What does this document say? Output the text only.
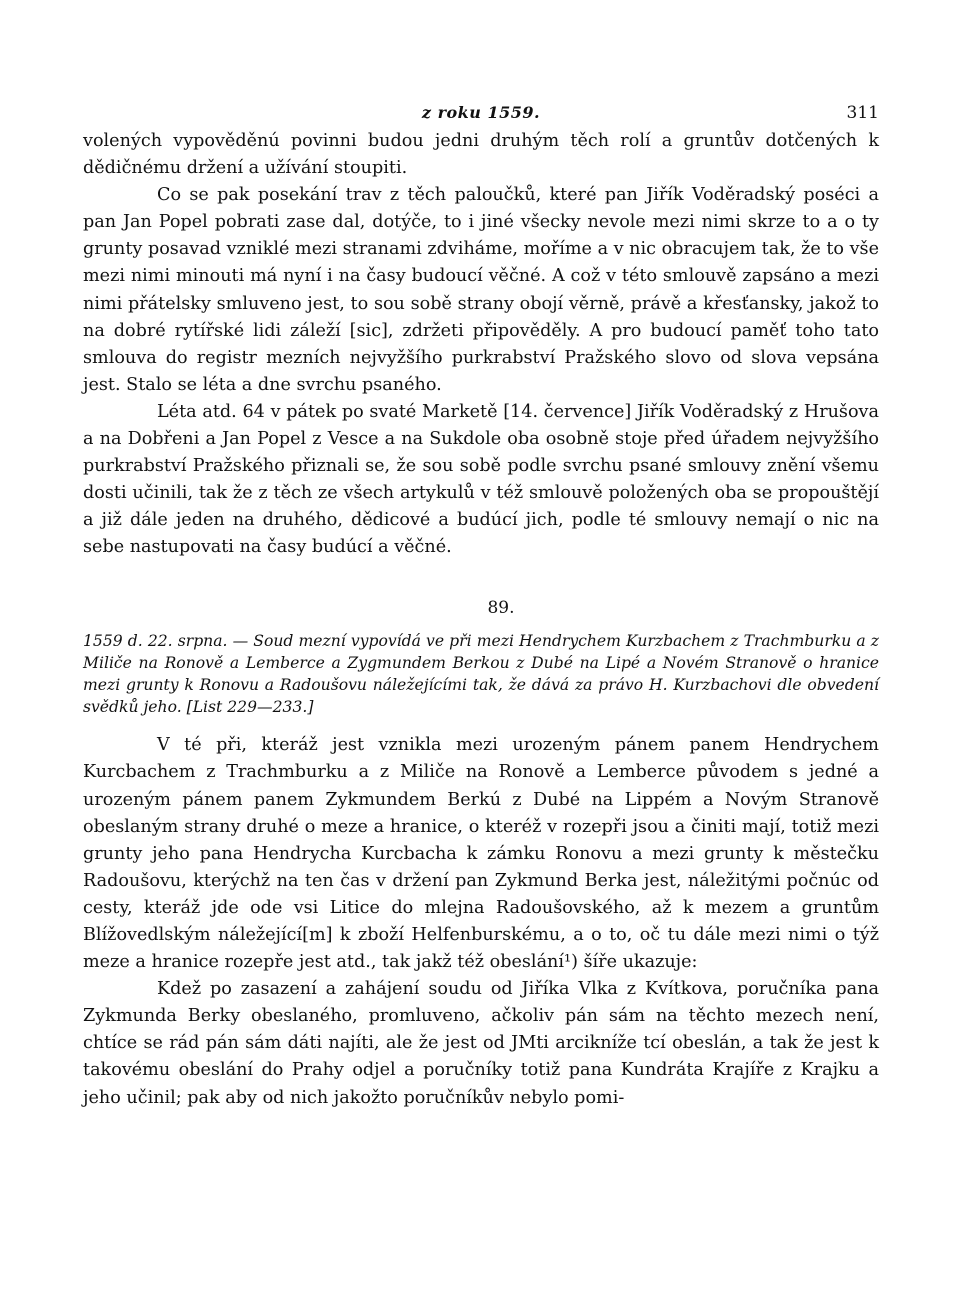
z roku 1559.	311

volených vypověděnú povinni budou jedni druhým těch rolí a gruntův dotčených k dědičnému držení a užívání stoupiti.

Co se pak posekání trav z těch paloučků, které pan Jiřík Voděradský poséci a pan Jan Popel pobrati zase dal, dotýče, to i jiné všecky nevole mezi nimi skrze to a o ty grunty posavad vzniklé mezi stranami zdviháme, moříme a v nic obracujem tak, že to vše mezi nimi minouti má nyní i na časy budoucí věčné. A což v této smlouvě zapsáno a mezi nimi přátelsky smluveno jest, to sou sobě strany obojí věrně, právě a křesťansky, jakož to na dobré rytířské lidi záleží [sic], zdržeti připověděly. A pro budoucí paměť toho tato smlouva do registr mezních nejvyžšího purkrabství Pražského slovo od slova vepsána jest. Stalo se léta a dne svrchu psaného.

Léta atd. 64 v pátek po svaté Marketě [14. července] Jiřík Voděradský z Hrušova a na Dobřeni a Jan Popel z Vesce a na Sukdole oba osobně stoje před úřadem nejvyžšího purkrabství Pražského přiznali se, že sou sobě podle svrchu psané smlouvy znění všemu dosti učinili, tak že z těch ze všech artykulů v též smlouvě položených oba se propouštějí a již dále jeden na druhého, dědicové a budúcí jich, podle té smlouvy nemají o nic na sebe nastupovati na časy budúcí a věčné.

89.

1559 d. 22. srpna. — Soud mezní vypovídá ve při mezi Hendrychem Kurzbachem z Trachmburku a z Miliče na Ronově a Lemberce a Zygmundem Berkou z Dubé na Lipé a Novém Stranově o hranice mezi grunty k Ronovu a Radoušovu náležejícími tak, že dává za právo H. Kurzbachovi dle obvedení svědků jeho. [List 229—233.]

V té při, kteráž jest vznikla mezi urozeným pánem panem Hendrychem Kurcbachem z Trachmburku a z Miliče na Ronově a Lemberce původem s jedné a urozeným pánem panem Zykmundem Berkú z Dubé na Lippém a Novým Stranově obeslaným strany druhé o meze a hranice, o kteréž v rozepři jsou a činiti mají, totiž mezi grunty jeho pana Hendrycha Kurcbacha k zámku Ronovu a mezi grunty k městečku Radoušovu, kterýchž na ten čas v držení pan Zykmund Berka jest, náležitými počnúc od cesty, kteráž jde ode vsi Litice do mlejna Radoušovského, až k mezem a gruntům Blížovedlským náležející[m] k zboží Helfenburskému, a o to, oč tu dále mezi nimi o týž meze a hranice rozepře jest atd., tak jakž též obeslání¹) šíře ukazuje:

Kdež po zasazení a zahájení soudu od Jiříka Vlka z Kvítkova, poručníka pana Zykmunda Berky obeslaného, promluveno, ačkoliv pán sám na těchto mezech není, chtíce se rád pán sám dáti najíti, ale že jest od JMti arcikníže tcí obeslán, a tak že jest k takovému obeslání do Prahy odjel a poručníky totiž pana Kundráta Krajíře z Krajku a jeho učinil; pak aby od nich jakožto poručníkův nebylo pomi-
